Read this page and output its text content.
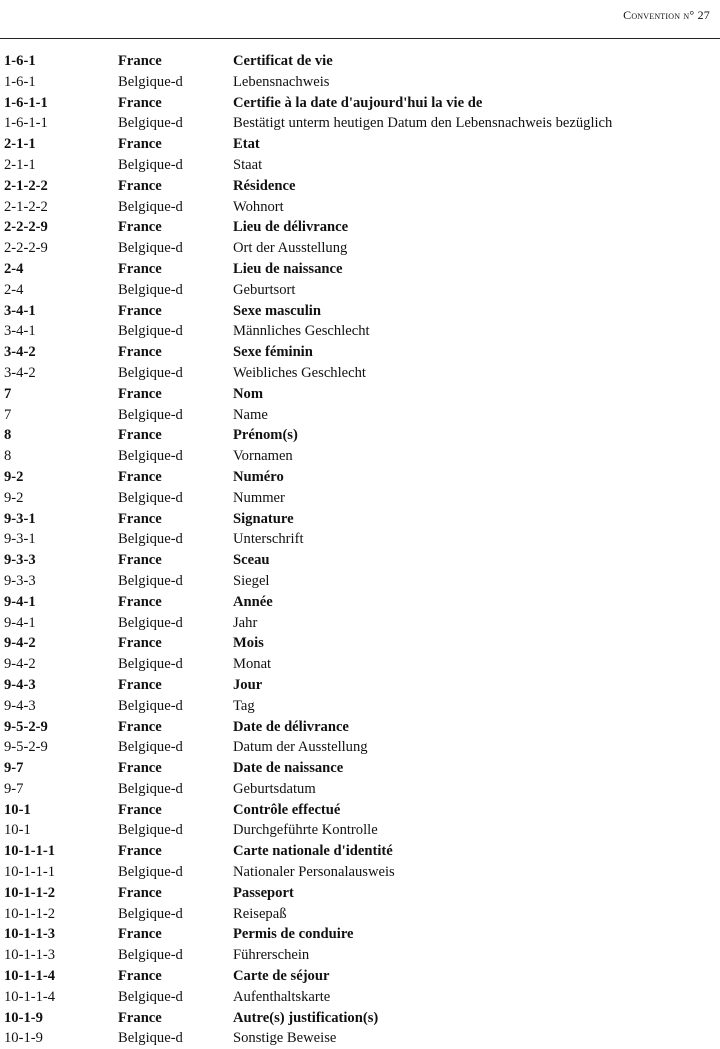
Convention n° 27
1-6-1	France	Certificat de vie
1-6-1	Belgique-d	Lebensnachweis
1-6-1-1	France	Certifie à la date d'aujourd'hui la vie de
1-6-1-1	Belgique-d	Bestätigt unterm heutigen Datum den Lebensnachweis bezüglich
2-1-1	France	Etat
2-1-1	Belgique-d	Staat
2-1-2-2	France	Résidence
2-1-2-2	Belgique-d	Wohnort
2-2-2-9	France	Lieu de délivrance
2-2-2-9	Belgique-d	Ort der Ausstellung
2-4	France	Lieu de naissance
2-4	Belgique-d	Geburtsort
3-4-1	France	Sexe masculin
3-4-1	Belgique-d	Männliches Geschlecht
3-4-2	France	Sexe féminin
3-4-2	Belgique-d	Weibliches Geschlecht
7	France	Nom
7	Belgique-d	Name
8	France	Prénom(s)
8	Belgique-d	Vornamen
9-2	France	Numéro
9-2	Belgique-d	Nummer
9-3-1	France	Signature
9-3-1	Belgique-d	Unterschrift
9-3-3	France	Sceau
9-3-3	Belgique-d	Siegel
9-4-1	France	Année
9-4-1	Belgique-d	Jahr
9-4-2	France	Mois
9-4-2	Belgique-d	Monat
9-4-3	France	Jour
9-4-3	Belgique-d	Tag
9-5-2-9	France	Date de délivrance
9-5-2-9	Belgique-d	Datum der Ausstellung
9-7	France	Date de naissance
9-7	Belgique-d	Geburtsdatum
10-1	France	Contrôle effectué
10-1	Belgique-d	Durchgeführte Kontrolle
10-1-1-1	France	Carte nationale d'identité
10-1-1-1	Belgique-d	Nationaler Personalausweis
10-1-1-2	France	Passeport
10-1-1-2	Belgique-d	Reisepaß
10-1-1-3	France	Permis de conduire
10-1-1-3	Belgique-d	Führerschein
10-1-1-4	France	Carte de séjour
10-1-1-4	Belgique-d	Aufenthaltskarte
10-1-9	France	Autre(s) justification(s)
10-1-9	Belgique-d	Sonstige Beweise
